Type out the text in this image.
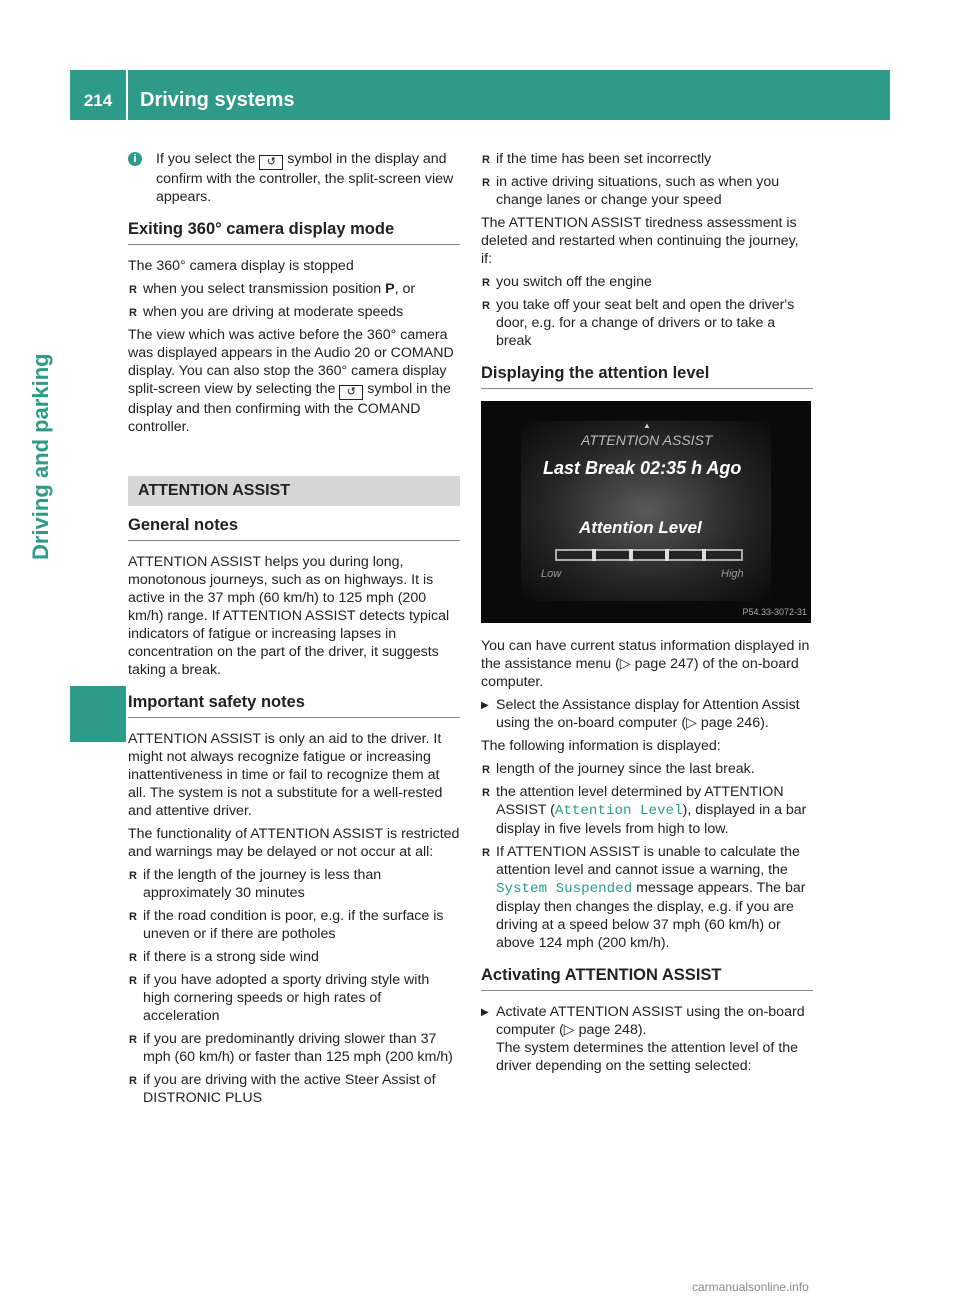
214	Driving systems
Driving and parking

i	If you select the ↺ symbol in the display and confirm with the controller, the split-screen view appears.

Exiting 360° camera display mode

The 360° camera display is stopped

R when you select transmission position P, or
R when you are driving at moderate speeds

The view which was active before the 360° camera was displayed appears in the Audio 20 or COMAND display. You can also stop the 360° camera display split-screen view by selecting the ↺ symbol in the display and then confirming with the COMAND controller.

ATTENTION ASSIST
General notes

ATTENTION ASSIST helps you during long, monotonous journeys, such as on highways. It is active in the 37 mph (60 km/h) to 125 mph (200 km/h) range. If ATTENTION ASSIST detects typical indicators of fatigue or increasing lapses in concentration on the part of the driver, it suggests taking a break.

Important safety notes

ATTENTION ASSIST is only an aid to the driver. It might not always recognize fatigue or increasing inattentiveness in time or fail to recognize them at all. The system is not a substitute for a well-rested and attentive driver.

The functionality of ATTENTION ASSIST is restricted and warnings may be delayed or not occur at all:

R if the length of the journey is less than approximately 30 minutes
R if the road condition is poor, e.g. if the surface is uneven or if there are potholes
R if there is a strong side wind
R if you have adopted a sporty driving style with high cornering speeds or high rates of acceleration
R if you are predominantly driving slower than 37 mph (60 km/h) or faster than 125 mph (200 km/h)
R if you are driving with the active Steer Assist of DISTRONIC PLUS
R if the time has been set incorrectly
R in active driving situations, such as when you change lanes or change your speed

The ATTENTION ASSIST tiredness assessment is deleted and restarted when continuing the journey, if:

R you switch off the engine
R you take off your seat belt and open the driver's door, e.g. for a change of drivers or to take a break
Displaying the attention level
▲
ATTENTION ASSIST
Last Break 02:35 h Ago
Attention Level
Low	High
P54.33-3072-31

You can have current status information displayed in the assistance menu (▷ page 247) of the on-board computer.

▶ Select the Assistance display for Attention Assist using the on-board computer (▷ page 246).

The following information is displayed:

R length of the journey since the last break.
R the attention level determined by ATTENTION ASSIST (Attention Level), displayed in a bar display in five levels from high to low.
R If ATTENTION ASSIST is unable to calculate the attention level and cannot issue a warning, the System Suspended message appears. The bar display then changes the display, e.g. if you are driving at a speed below 37 mph (60 km/h) or above 124 mph (200 km/h).
Activating ATTENTION ASSIST
▶ Activate ATTENTION ASSIST using the on-board computer (▷ page 248).
The system determines the attention level of the driver depending on the setting selected:
carmanualsonline.info
